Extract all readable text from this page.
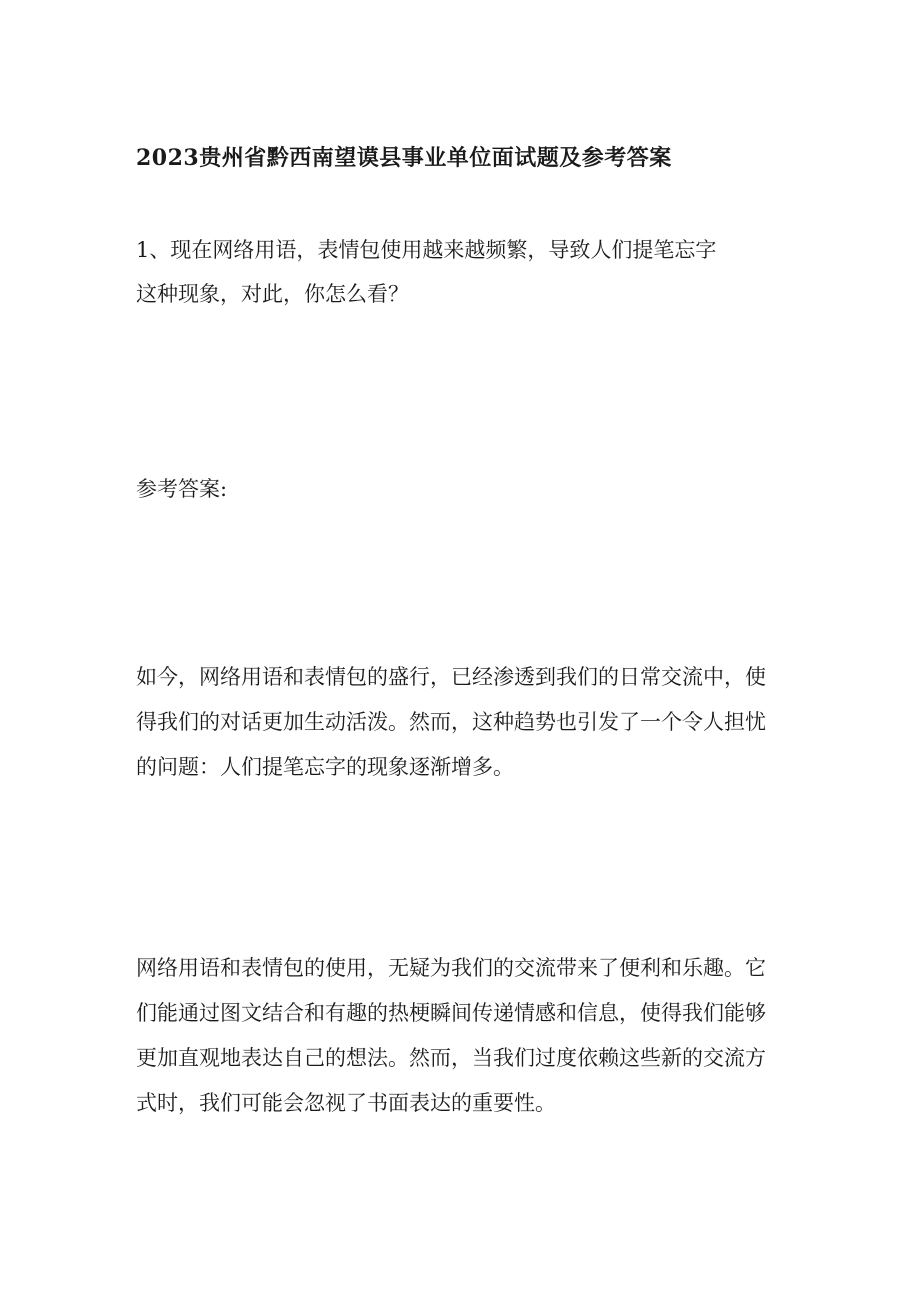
2023贵州省黔西南望谟县事业单位面试题及参考答案
1、现在网络用语，表情包使用越来越频繁，导致人们提笔忘字
这种现象，对此，你怎么看？
参考答案:
如今，网络用语和表情包的盛行，已经渗透到我们的日常交流中，使
得我们的对话更加生动活泼。然而，这种趋势也引发了一个令人担忧
的问题：人们提笔忘字的现象逐渐增多。
网络用语和表情包的使用，无疑为我们的交流带来了便利和乐趣。它
们能通过图文结合和有趣的热梗瞬间传递情感和信息，使得我们能够
更加直观地表达自己的想法。然而，当我们过度依赖这些新的交流方
式时，我们可能会忽视了书面表达的重要性。
